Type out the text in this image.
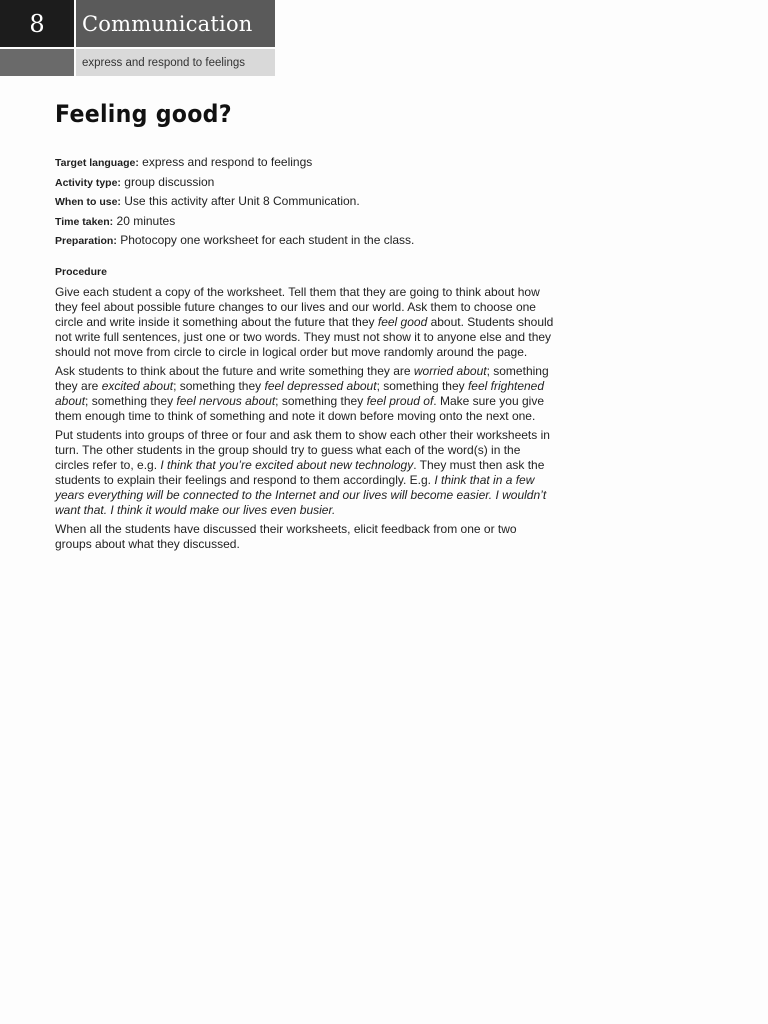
8	Communication
express and respond to feelings
Feeling good?
Target language: express and respond to feelings
Activity type: group discussion
When to use: Use this activity after Unit 8 Communication.
Time taken: 20 minutes
Preparation: Photocopy one worksheet for each student in the class.
Procedure

Give each student a copy of the worksheet. Tell them that they are going to think about how they feel about possible future changes to our lives and our world. Ask them to choose one circle and write inside it something about the future that they feel good about. Students should not write full sentences, just one or two words. They must not show it to anyone else and they should not move from circle to circle in logical order but move randomly around the page.

Ask students to think about the future and write something they are worried about; something they are excited about; something they feel depressed about; something they feel frightened about; something they feel nervous about; something they feel proud of. Make sure you give them enough time to think of something and note it down before moving onto the next one.

Put students into groups of three or four and ask them to show each other their worksheets in turn. The other students in the group should try to guess what each of the word(s) in the circles refer to, e.g. I think that you’re excited about new technology. They must then ask the students to explain their feelings and respond to them accordingly. E.g. I think that in a few years everything will be connected to the Internet and our lives will become easier. I wouldn’t want that. I think it would make our lives even busier.

When all the students have discussed their worksheets, elicit feedback from one or two groups about what they discussed.
